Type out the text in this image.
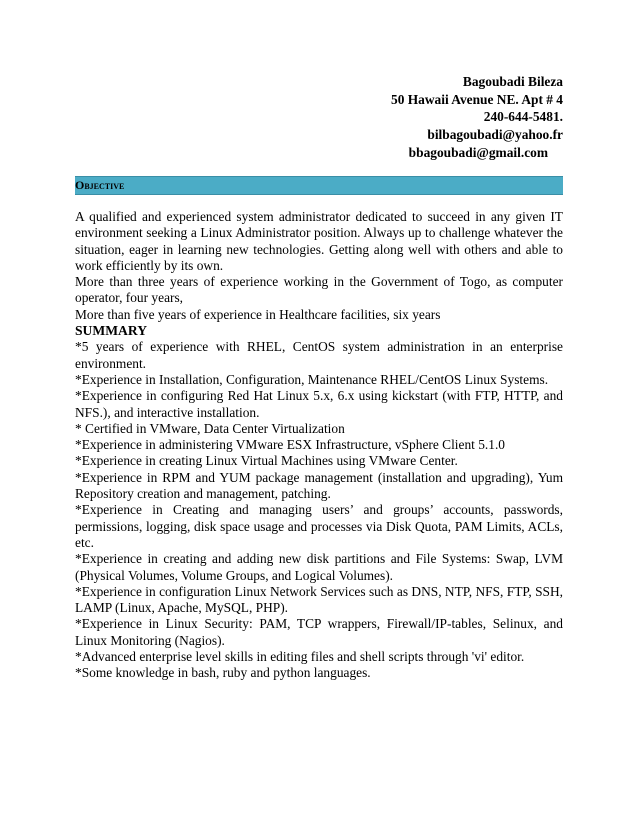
Bagoubadi Bileza
50 Hawaii Avenue NE. Apt # 4
240-644-5481.
bilbagoubadi@yahoo.fr
bbagoubadi@gmail.com
Objective

A qualified and experienced system administrator dedicated to succeed in any given IT environment seeking a Linux Administrator position. Always up to challenge whatever the situation, eager in learning new technologies. Getting along well with others and able to work efficiently by its own.

More than three years of experience working in the Government of Togo, as computer operator, four years,

More than five years of experience in Healthcare facilities, six years

SUMMARY
*5 years of experience with RHEL, CentOS system administration in an enterprise environment.
*Experience in Installation, Configuration, Maintenance RHEL/CentOS Linux Systems.
*Experience in configuring Red Hat Linux 5.x, 6.x using kickstart (with FTP, HTTP, and NFS.), and interactive installation.
* Certified in VMware, Data Center Virtualization
*Experience in administering VMware ESX Infrastructure, vSphere Client 5.1.0
*Experience in creating Linux Virtual Machines using VMware Center.
*Experience in RPM and YUM package management (installation and upgrading), Yum Repository creation and management, patching.
*Experience in Creating and managing users’ and groups’ accounts, passwords, permissions, logging, disk space usage and processes via Disk Quota, PAM Limits, ACLs, etc.
*Experience in creating and adding new disk partitions and File Systems: Swap, LVM (Physical Volumes, Volume Groups, and Logical Volumes).
*Experience in configuration Linux Network Services such as DNS, NTP, NFS, FTP, SSH, LAMP (Linux, Apache, MySQL, PHP).
*Experience in Linux Security: PAM, TCP wrappers, Firewall/IP-tables, Selinux, and Linux Monitoring (Nagios).
*Advanced enterprise level skills in editing files and shell scripts through 'vi' editor.
*Some knowledge in bash, ruby and python languages.
